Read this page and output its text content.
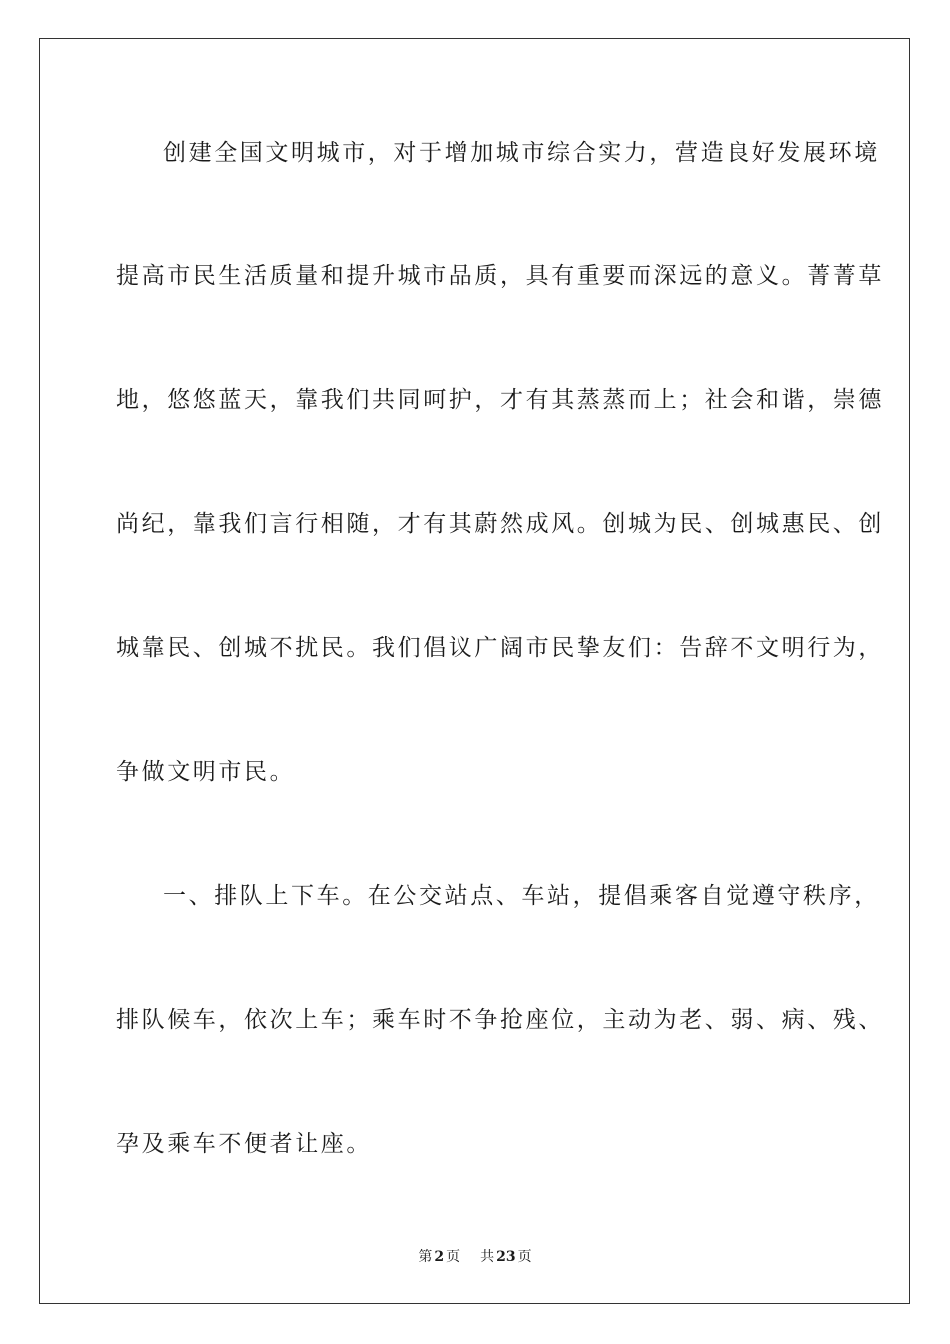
创建全国文明城市，对于增加城市综合实力，营造良好发展环境
提高市民生活质量和提升城市品质，具有重要而深远的意义。菁菁草
地，悠悠蓝天，靠我们共同呵护，才有其蒸蒸而上；社会和谐，崇德
尚纪，靠我们言行相随，才有其蔚然成风。创城为民、创城惠民、创
城靠民、创城不扰民。我们倡议广阔市民挚友们：告辞不文明行为，
争做文明市民。
一、排队上下车。在公交站点、车站，提倡乘客自觉遵守秩序，
排队候车，依次上车；乘车时不争抢座位，主动为老、弱、病、残、
孕及乘车不便者让座。
第 2 页 共 23 页
